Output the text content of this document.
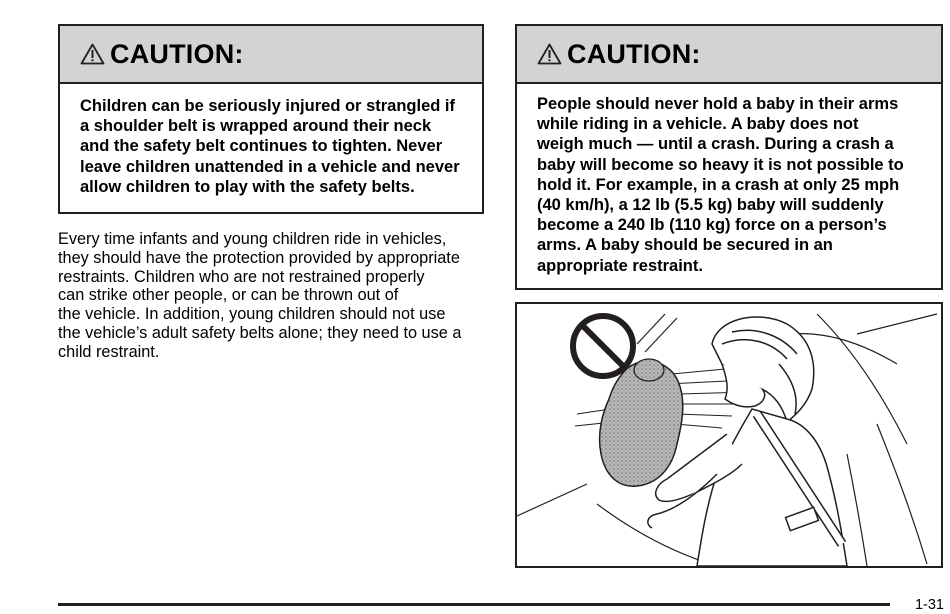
CAUTION:
Children can be seriously injured or strangled if
a shoulder belt is wrapped around their neck
and the safety belt continues to tighten. Never
leave children unattended in a vehicle and never
allow children to play with the safety belts.
Every time infants and young children ride in vehicles,
they should have the protection provided by appropriate
restraints. Children who are not restrained properly
can strike other people, or can be thrown out of
the vehicle. In addition, young children should not use
the vehicle’s adult safety belts alone; they need to use a
child restraint.
CAUTION:
People should never hold a baby in their arms
while riding in a vehicle. A baby does not
weigh much — until a crash. During a crash a
baby will become so heavy it is not possible to
hold it. For example, in a crash at only 25 mph
(40 km/h), a 12 lb (5.5 kg) baby will suddenly
become a 240 lb (110 kg) force on a person’s
arms. A baby should be secured in an
appropriate restraint.
1-31
